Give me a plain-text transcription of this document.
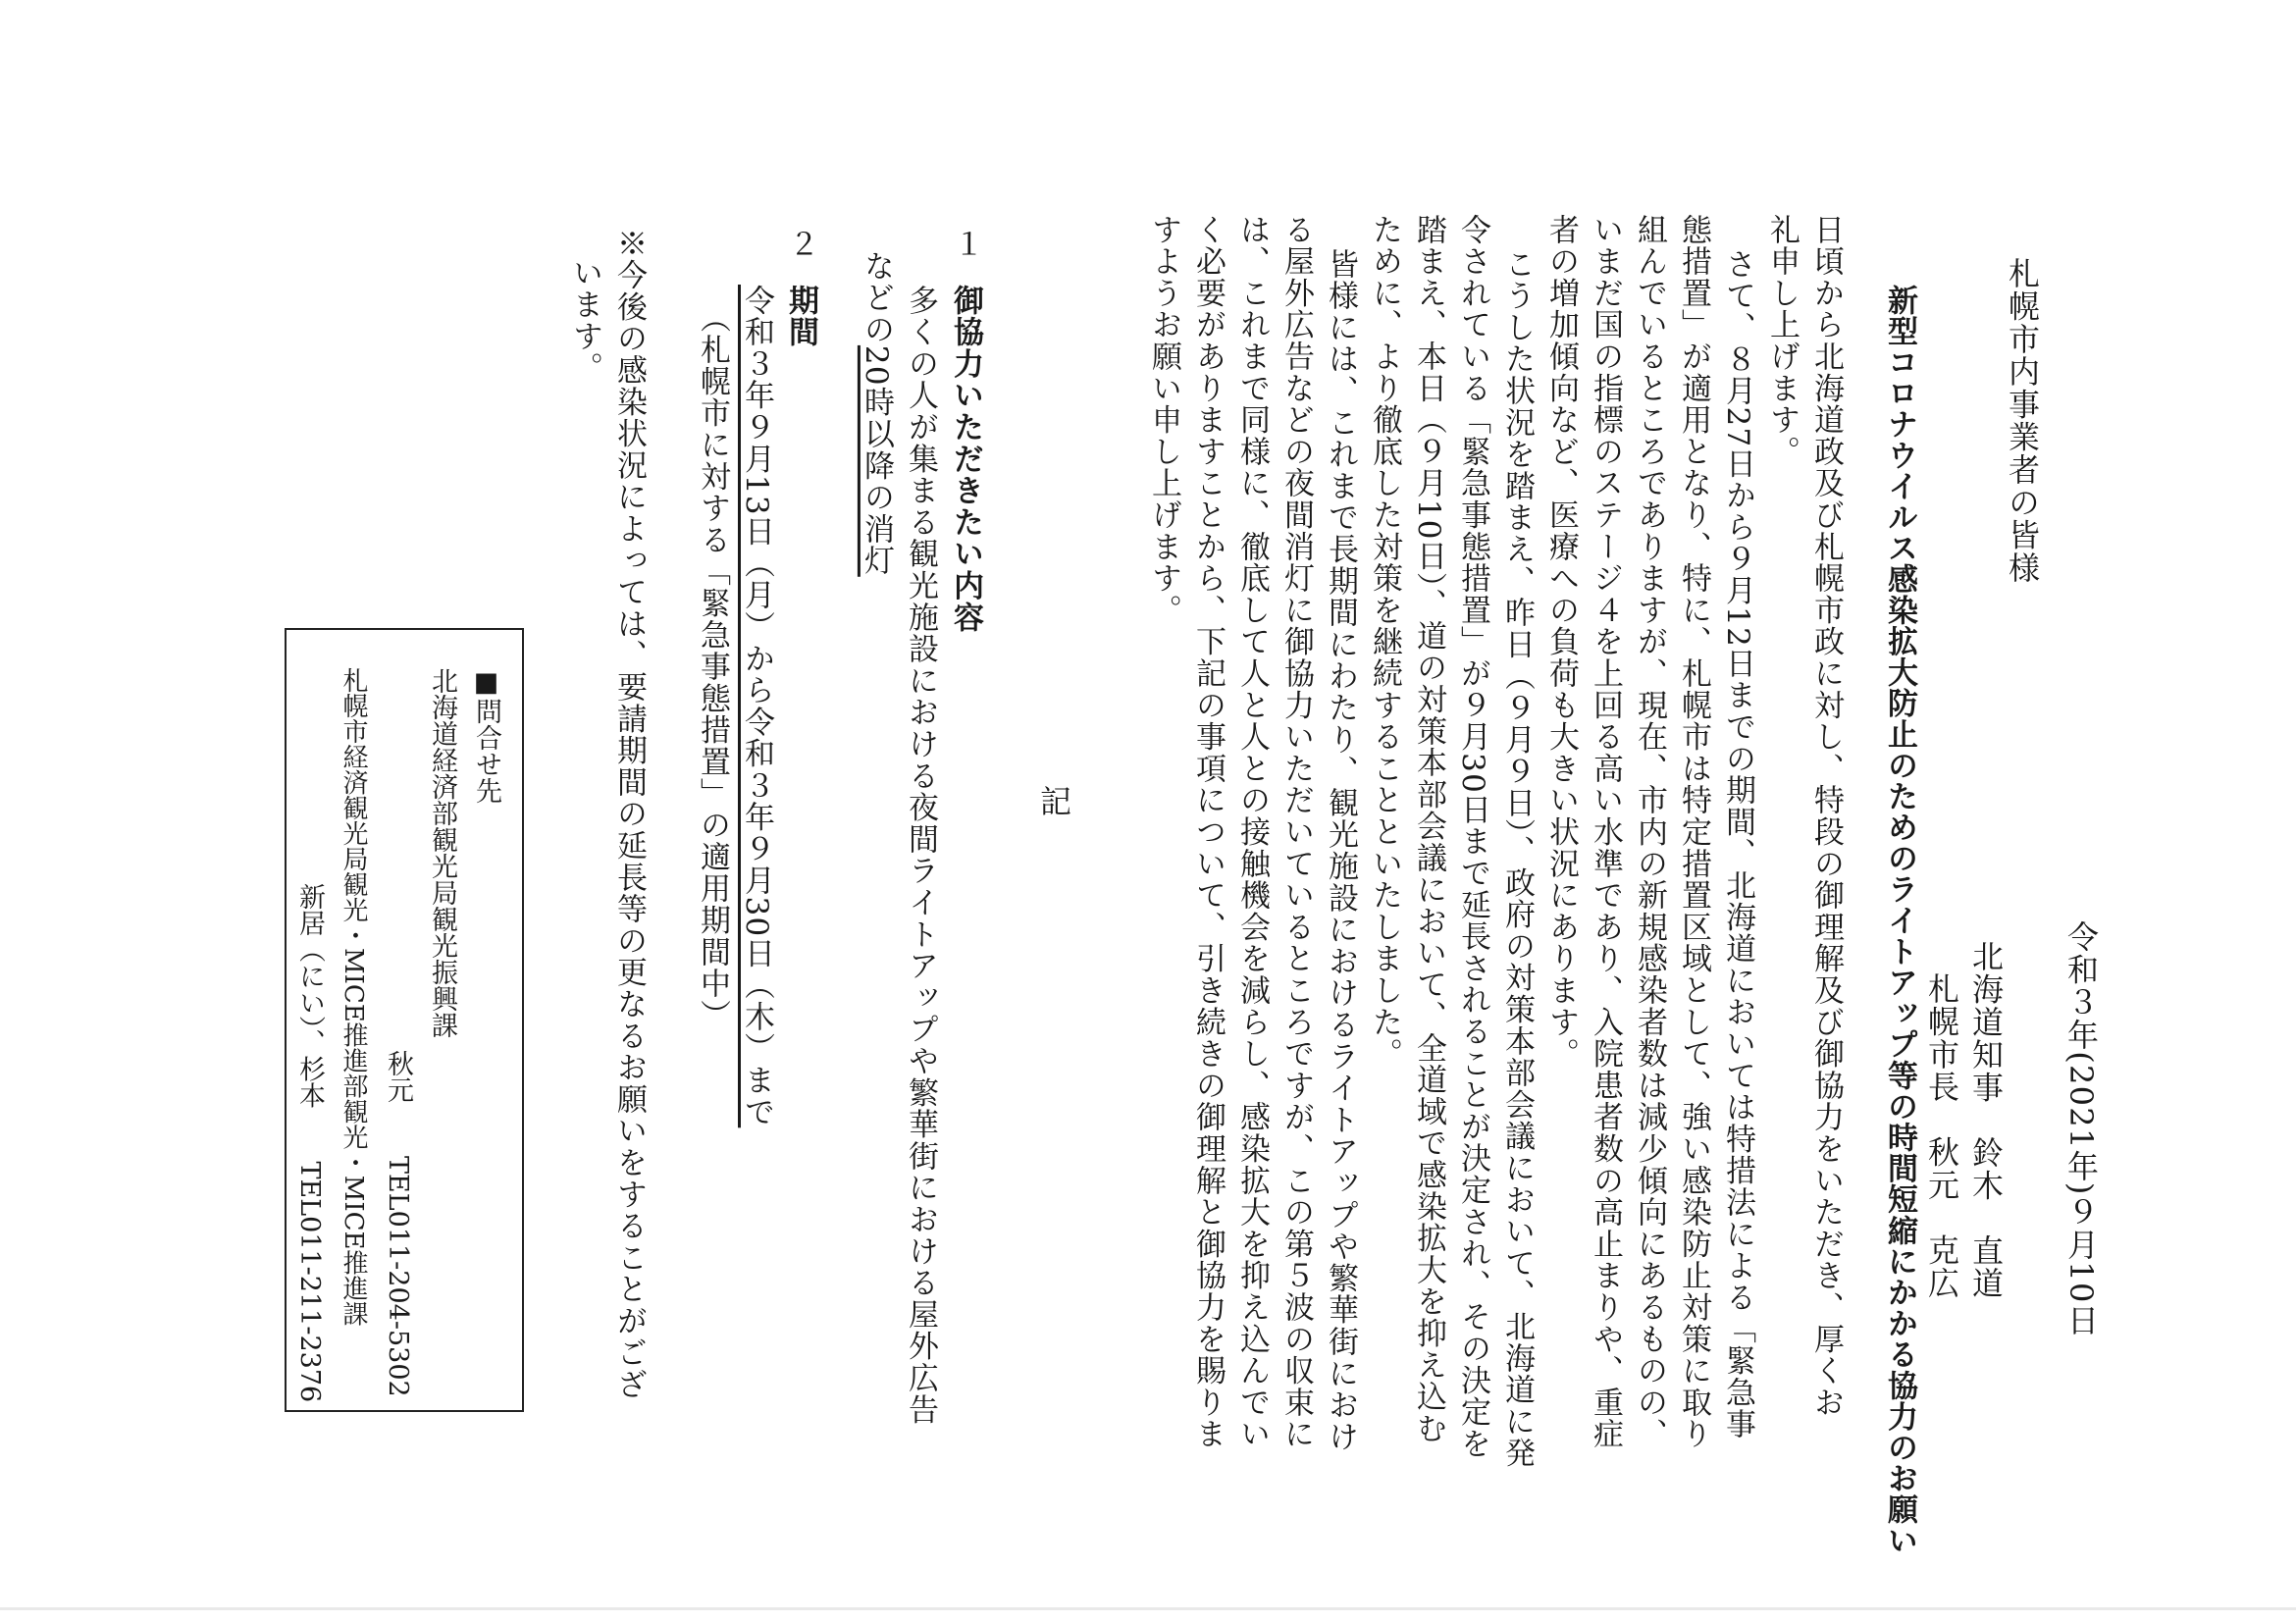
札幌市内事業者の皆様
新型コロナウイルス感染拡大防止のためのライトアップ等の時間短縮にかかる協力のお願い	令和３年(2021年)９月10日
北海道知事　鈴木　直道
札幌市長　秋元　克広
日頃から北海道政及び札幌市政に対し、特段の御理解及び御協力をいただき、厚くお
礼申し上げます。
さて、８月27日から９月12日までの期間、北海道においては特措法による「緊急事
態措置」が適用となり、特に、札幌市は特定措置区域として、強い感染防止対策に取り
組んでいるところでありますが、現在、市内の新規感染者数は減少傾向にあるものの、
いまだ国の指標のステージ４を上回る高い水準であり、入院患者数の高止まりや、重症
者の増加傾向など、医療への負荷も大きい状況にあります。
こうした状況を踏まえ、昨日（９月９日）、政府の対策本部会議において、北海道に発
令されている「緊急事態措置」が９月30日まで延長されることが決定され、その決定を
踏まえ、本日（９月10日）、道の対策本部会議において、全道域で感染拡大を抑え込む
ために、より徹底した対策を継続することといたしました。
皆様には、これまで長期間にわたり、観光施設におけるライトアップや繁華街におけ
る屋外広告などの夜間消灯に御協力いただいているところですが、この第５波の収束に
は、これまで同様に、徹底して人と人との接触機会を減らし、感染拡大を抑え込んでい
く必要がありますことから、下記の事項について、引き続きの御理解と御協力を賜りま
すようお願い申し上げます。
記
１
御協力いただきたい内容
多くの人が集まる観光施設における夜間ライトアップや繁華街における屋外広告
などの20時以降の消灯
２
期間
令和３年９月13日（月）から令和３年９月30日（木）まで
（札幌市に対する「緊急事態措置」の適用期間中）
※今後の感染状況によっては、要請期間の延長等の更なるお願いをすることがござ
います。
■問合せ先
北海道経済部観光局観光振興課
秋元　　TEL011-204-5302
札幌市経済観光局観光・MICE推進部観光・MICE推進課
新居（にい）、杉本　　TEL011-211-2376
